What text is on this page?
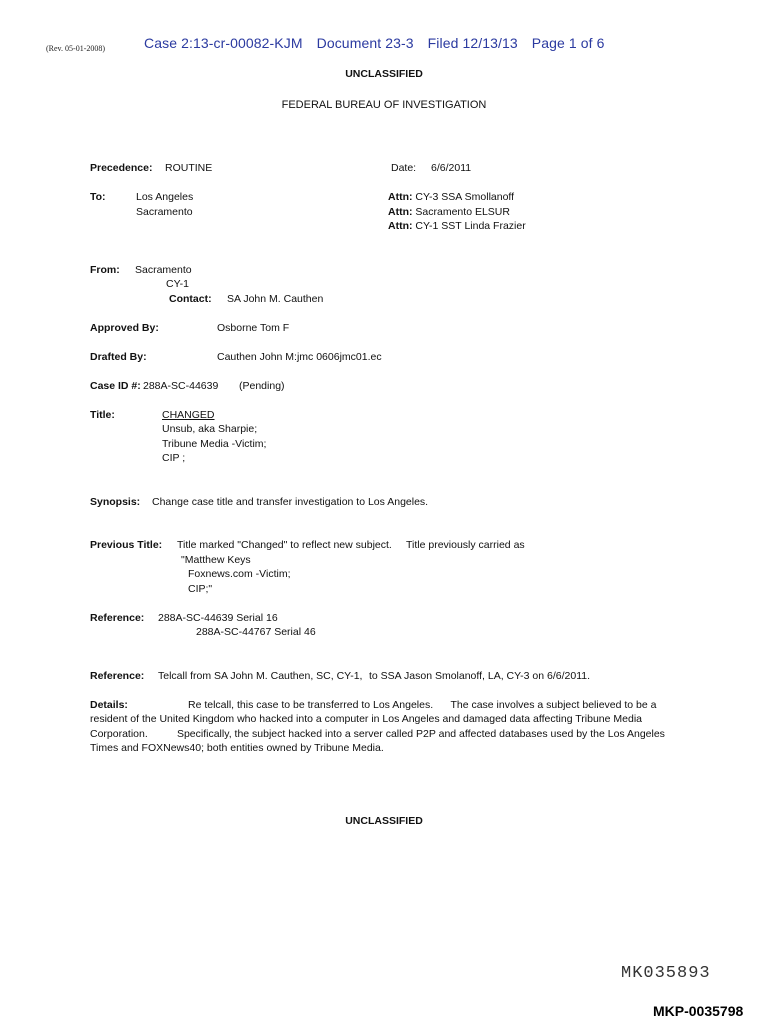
(Rev. 05-01-2008)	Case 2:13-cr-00082-KJM Document 23-3 Filed 12/13/13 Page 1 of 6
UNCLASSIFIED
FEDERAL BUREAU OF INVESTIGATION
Precedence: ROUTINE	Date: 6/6/2011
To:	Los Angeles
Sacramento
Attn: CY-3 SSA Smollanoff
Attn: Sacramento ELSUR
Attn: CY-1 SST Linda Frazier
From: Sacramento
CY-1
Contact: SA John M. Cauthen
Approved By:	Osborne Tom F
Drafted By:	Cauthen John M:jmc 0606jmc01.ec
Case ID #: 288A-SC-44639 (Pending)
Title:	CHANGED
Unsub, aka Sharpie;
Tribune Media -Victim;
CIP ;
Synopsis: Change case title and transfer investigation to Los Angeles.
Previous Title: Title marked "Changed" to reflect new subject. Title previously carried as
"Matthew Keys
Foxnews.com -Victim;
CIP;"
Reference: 288A-SC-44639 Serial 16
288A-SC-44767 Serial 46
Reference: Telcall from SA John M. Cauthen, SC, CY-1, to SSA Jason Smolanoff, LA, CY-3 on 6/6/2011.
Details:	Re telcall, this case to be transferred to Los Angeles.      The case involves a subject believed to be a
resident of the United Kingdom who hacked into a computer in Los Angeles and damaged data affecting Tribune Media
Corporation.          Specifically, the subject hacked into a server called P2P and affected databases used by the Los Angeles
Times and FOXNews40; both entities owned by Tribune Media.
UNCLASSIFIED
MK035893
MKP-0035798
